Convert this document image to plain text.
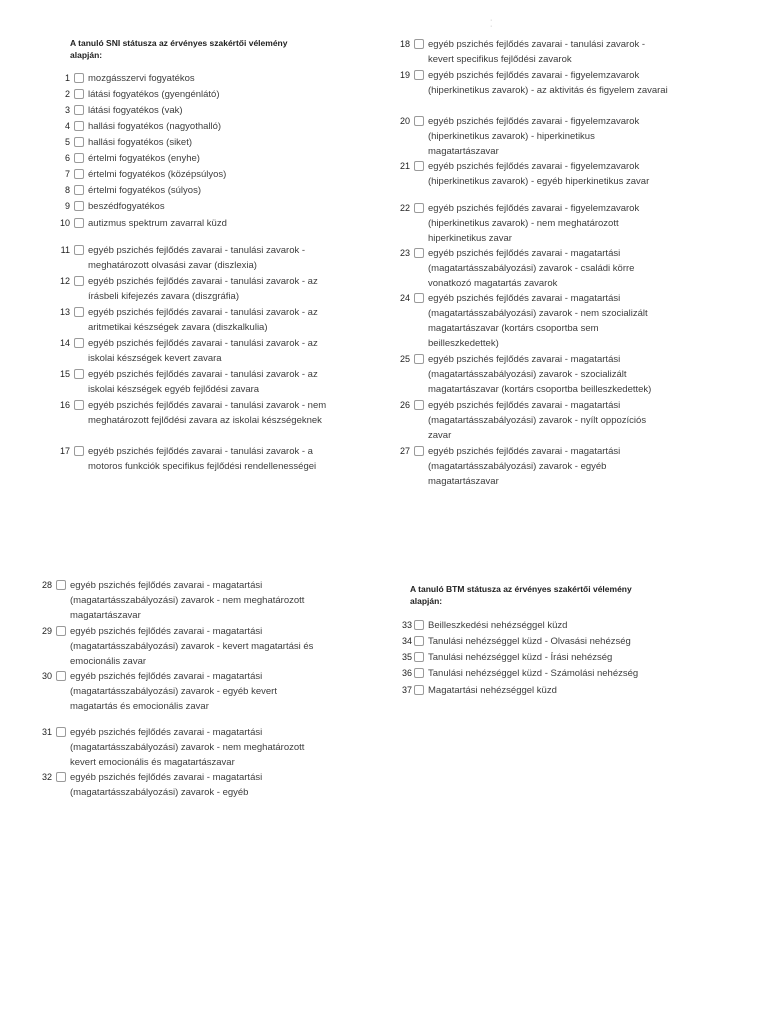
A tanuló SNI státusza az érvényes szakértői vélemény alapján:
1 mozgásszervi fogyatékos
2 látási fogyatékos (gyengénlátó)
3 látási fogyatékos (vak)
4 hallási fogyatékos (nagyothalló)
5 hallási fogyatékos (siket)
6 értelmi fogyatékos (enyhe)
7 értelmi fogyatékos (középsúlyos)
8 értelmi fogyatékos (súlyos)
9 beszédfogyatékos
10 autizmus spektrum zavarral küzd
11 egyéb pszichés fejlődés zavarai - tanulási zavarok - meghatározott olvasási zavar (diszlexia)
12 egyéb pszichés fejlődés zavarai - tanulási zavarok - az írásbeli kifejezés zavara (diszgráfia)
13 egyéb pszichés fejlődés zavarai - tanulási zavarok - az aritmetikai készségek zavara (diszkalkulia)
14 egyéb pszichés fejlődés zavarai - tanulási zavarok - az iskolai készségek kevert zavara
15 egyéb pszichés fejlődés zavarai - tanulási zavarok - az iskolai készségek egyéb fejlődési zavara
16 egyéb pszichés fejlődés zavarai - tanulási zavarok - nem meghatározott fejlődési zavara az iskolai készségeknek
17 egyéb pszichés fejlődés zavarai - tanulási zavarok - a motoros funkciók specifikus fejlődési rendellenességei
·
·
18 egyéb pszichés fejlődés zavarai - tanulási zavarok - kevert specifikus fejlődési zavarok
19 egyéb pszichés fejlődés zavarai - figyelemzavarok (hiperkinetikus zavarok) - az aktivitás és figyelem zavarai
20 egyéb pszichés fejlődés zavarai - figyelemzavarok (hiperkinetikus zavarok) - hiperkinetikus magatartászavar
21 egyéb pszichés fejlődés zavarai - figyelemzavarok (hiperkinetikus zavarok) - egyéb hiperkinetikus zavar
22 egyéb pszichés fejlődés zavarai - figyelemzavarok (hiperkinetikus zavarok) - nem meghatározott hiperkinetikus zavar
23 egyéb pszichés fejlődés zavarai - magatartási (magatartásszabályozási) zavarok - családi körre vonatkozó magatartás zavarok
24 egyéb pszichés fejlődés zavarai - magatartási (magatartásszabályozási) zavarok - nem szocializált magatartászavar (kortárs csoportba sem beilleszkedettek)
25 egyéb pszichés fejlődés zavarai - magatartási (magatartásszabályozási) zavarok - szocializált magatartászavar (kortárs csoportba beilleszkedettek)
26 egyéb pszichés fejlődés zavarai - magatartási (magatartásszabályozási) zavarok - nyílt oppozíciós zavar
27 egyéb pszichés fejlődés zavarai - magatartási (magatartásszabályozási) zavarok - egyéb magatartászavar
28 egyéb pszichés fejlődés zavarai - magatartási (magatartásszabályozási) zavarok - nem meghatározott magatartászavar
29 egyéb pszichés fejlődés zavarai - magatartási (magatartásszabályozási) zavarok - kevert magatartási és emocionális zavar
30 egyéb pszichés fejlődés zavarai - magatartási (magatartásszabályozási) zavarok - egyéb kevert magatartás és emocionális zavar
31 egyéb pszichés fejlődés zavarai - magatartási (magatartásszabályozási) zavarok - nem meghatározott kevert emocionális és magatartászavar
32 egyéb pszichés fejlődés zavarai - magatartási (magatartásszabályozási) zavarok - egyéb
A tanuló BTM státusza az érvényes szakértői vélemény alapján:
33 Beilleszkedési nehézséggel küzd
34 Tanulási nehézséggel küzd - Olvasási nehézség
35 Tanulási nehézséggel küzd - Írási nehézség
36 Tanulási nehézséggel küzd - Számolási nehézség
37 Magatartási nehézséggel küzd
